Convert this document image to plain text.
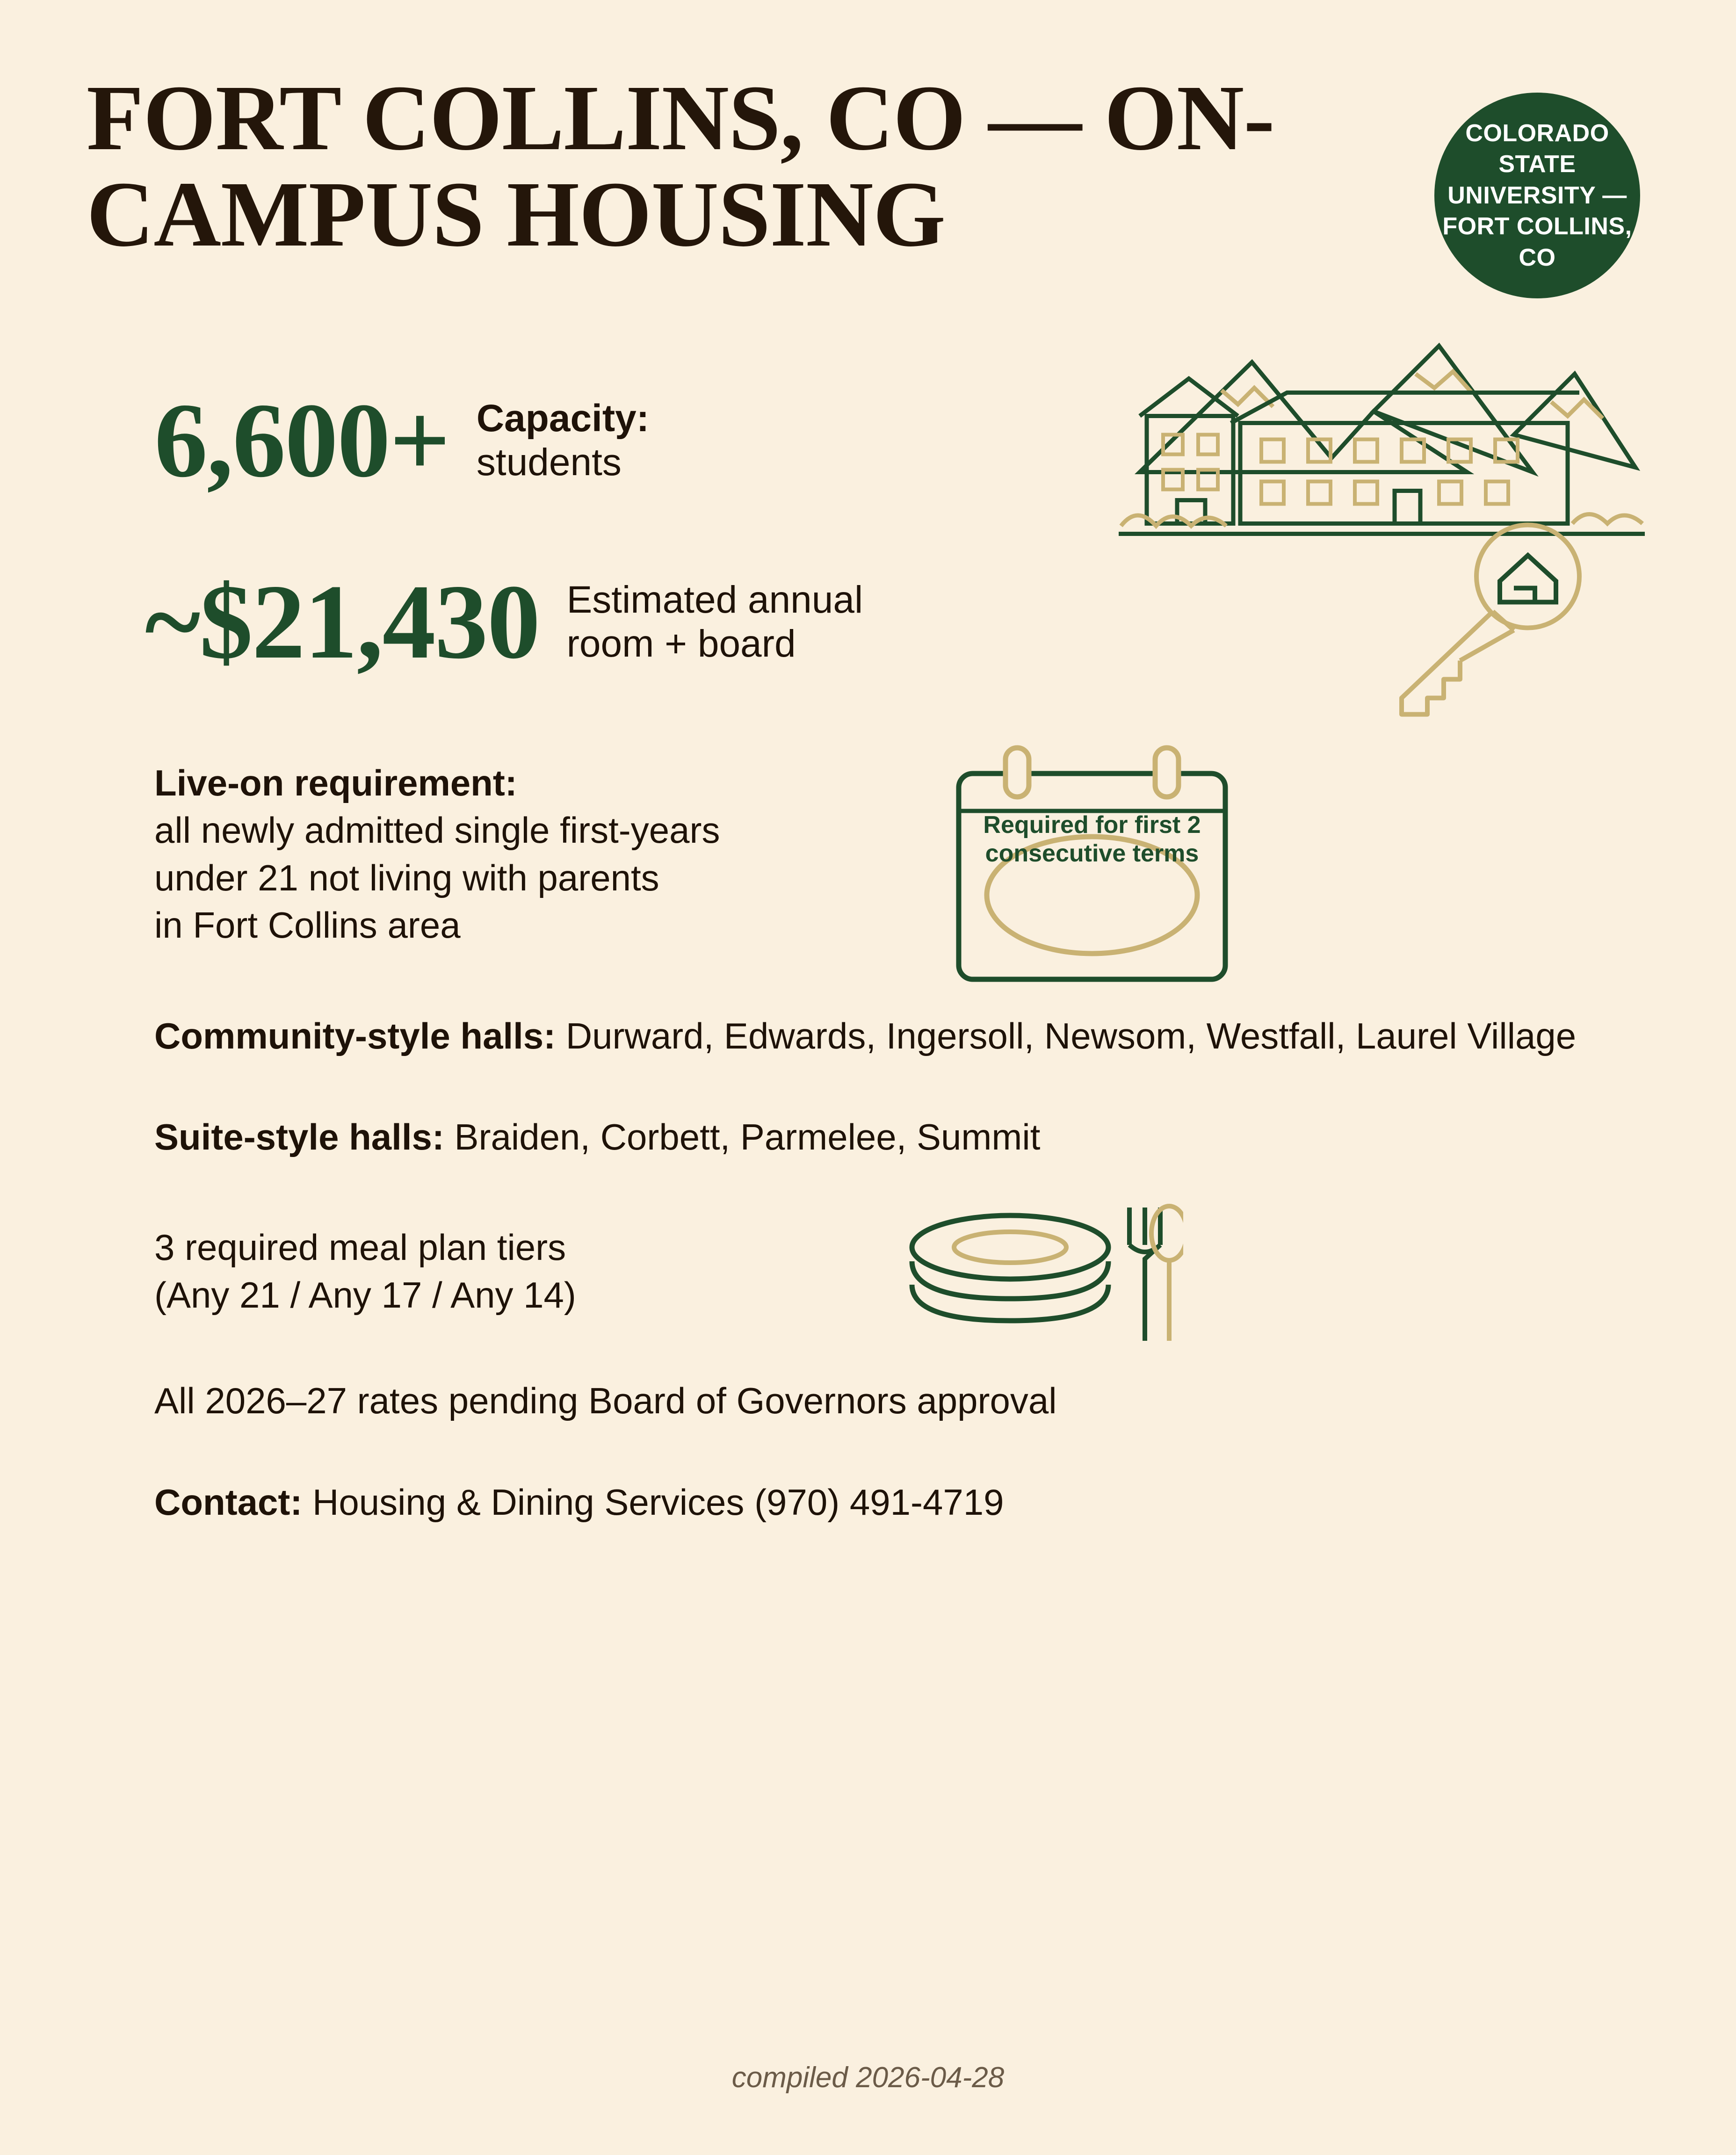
FORT COLLINS, CO — ON-CAMPUS HOUSING
COLORADO STATE UNIVERSITY — FORT COLLINS, CO
6,600+ Capacity:
students
~$21,430 Estimated annual
room + board
Live-on requirement:
all newly admitted single first-years
under 21 not living with parents
in Fort Collins area
Required for first 2 consecutive terms
Community-style halls: Durward, Edwards, Ingersoll, Newsom, Westfall, Laurel Village
Suite-style halls: Braiden, Corbett, Parmelee, Summit
3 required meal plan tiers
(Any 21 / Any 17 / Any 14)
All 2026–27 rates pending Board of Governors approval
Contact: Housing & Dining Services (970) 491-4719
compiled 2026-04-28
